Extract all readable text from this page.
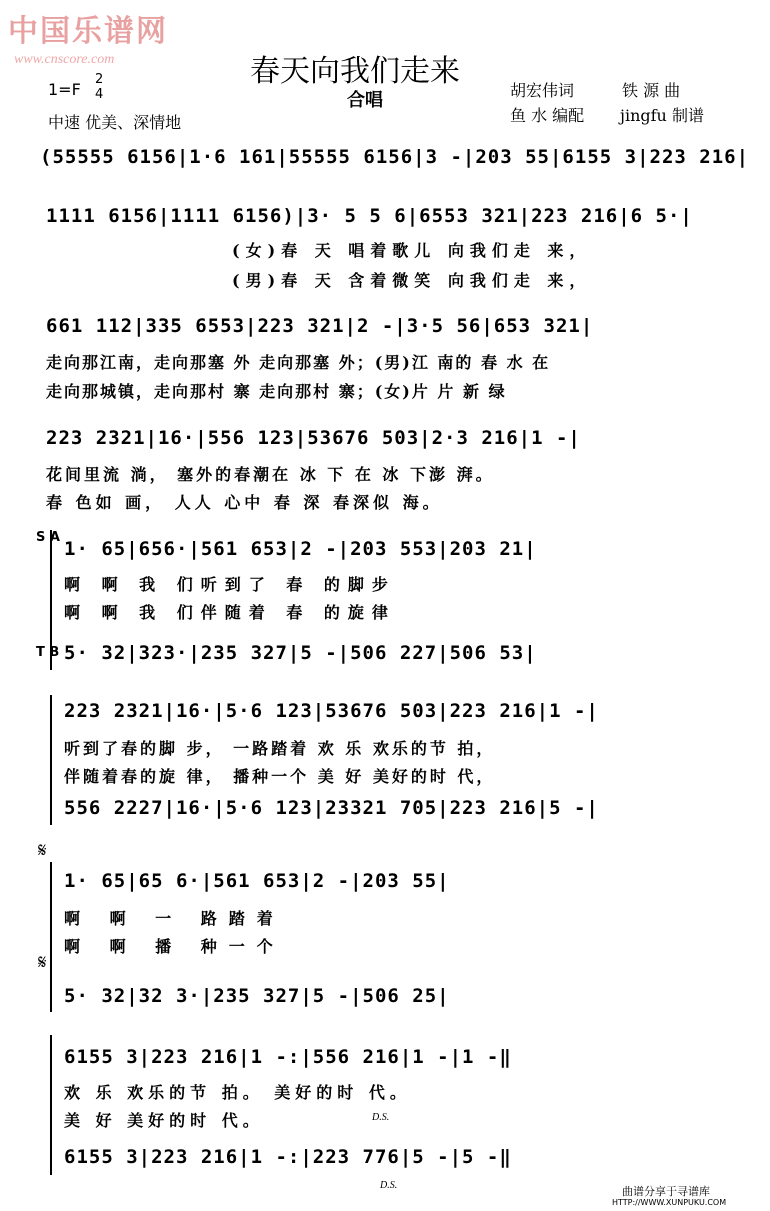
中国乐谱网
www.cnscore.com	春天向我们走来
1=F
2
4	合唱	胡宏伟词	铁 源 曲
鱼 水 编配 jingfu 制谱
中速 优美、深情地
(55555 6156|1·6 161|55555 6156|3 -|203 55|6155 3|223 216|
1111 6156|1111 6156)|3· 5 5 6|6553 321|223 216|6 5·|
(女)春 天 唱着歌儿 向我们走 来，
(男)春 天 含着微笑 向我们走 来，
661 112|335 6553|223 321|2 -|3·5 56|653 321|
走向那江南，走向那塞 外 走向那塞 外；(男)江 南的 春 水 在
走向那城镇，走向那村 寨 走向那村 寨；(女)片 片 新 绿
223 2321|16·|556 123|53676 503|2·3 216|1 -|
花间里流 淌， 塞外的春潮在 冰 下 在 冰 下澎 湃。
春 色如 画， 人人 心中 春 深 春深似 海。
S A
T B
1· 65|656·|561 653|2 -|203 553|203 21|
啊 啊 我 们听到了 春 的脚步
啊 啊 我 们伴随着 春 的旋律
5· 32|323·|235 327|5 -|506 227|506 53|
223 2321|16·|5·6 123|53676 503|223 216|1 -|
听到了春的脚 步， 一路踏着 欢 乐 欢乐的节 拍，
伴随着春的旋 律， 播种一个 美 好 美好的时 代，
556 2227|16·|5·6 123|23321 705|223 216|5 -|
𝄋
𝄋
1· 65|65 6·|561 653|2 -|203 55|
啊 啊 一 路踏着
啊 啊 播 种一个
5· 32|32 3·|235 327|5 -|506 25|
6155 3|223 216|1 -:|556 216|1 -|1 -‖
欢 乐 欢乐的节 拍。 美好的时 代。
美 好 美好的时 代。	D.S.
6155 3|223 216|1 -:|223 776|5 -|5 -‖
D.S.	曲谱分享于寻谱库
HTTP://WWW.XUNPUKU.COM
